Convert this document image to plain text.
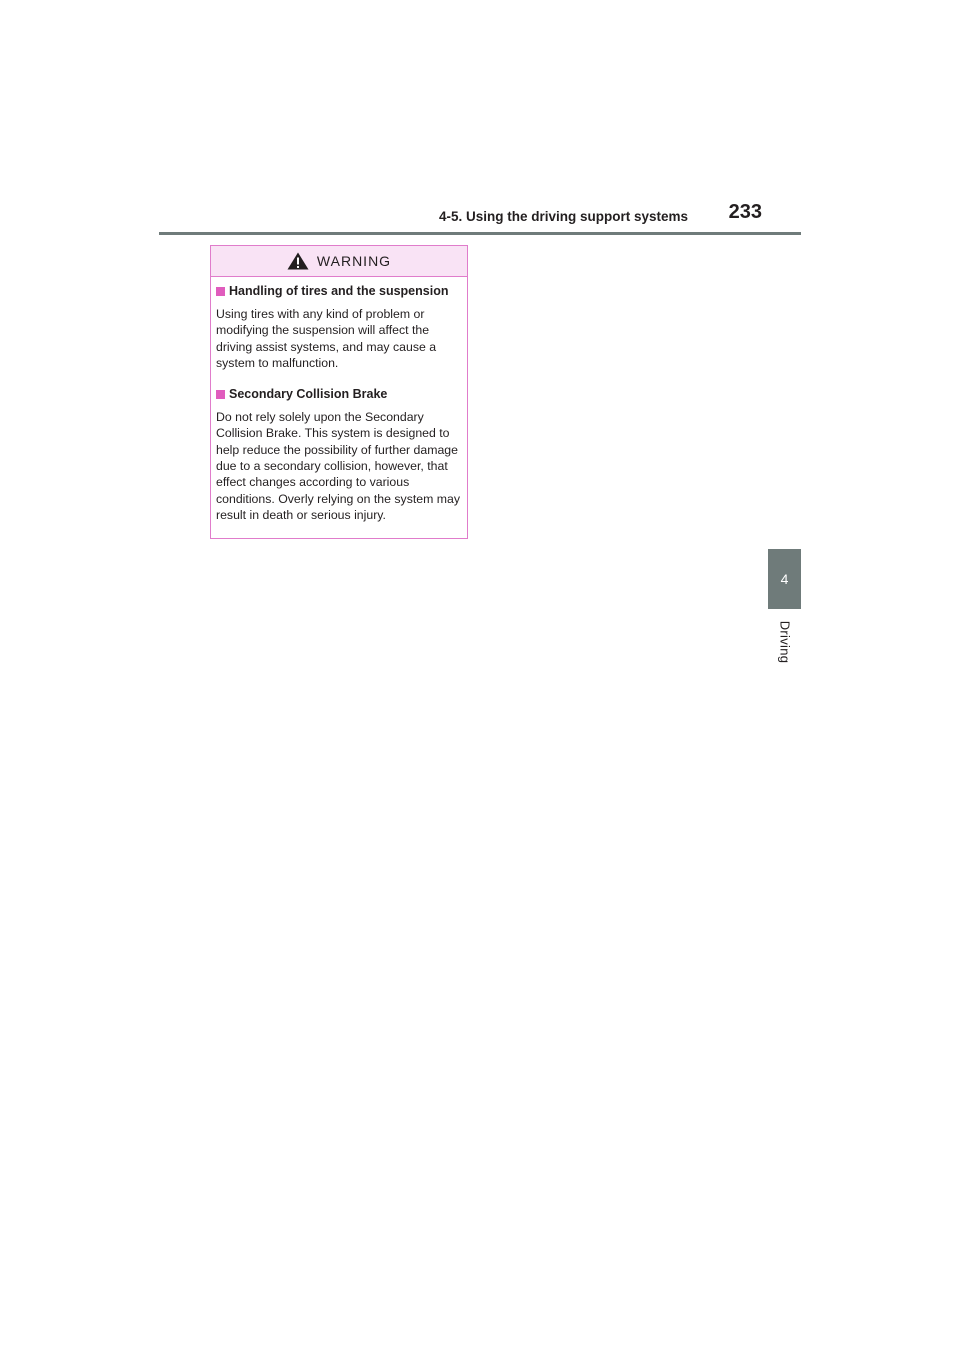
4-5. Using the driving support systems 233
4
Driving
WARNING
Handling of tires and the suspension

Using tires with any kind of problem or modifying the suspension will affect the driving assist systems, and may cause a system to malfunction.

Secondary Collision Brake

Do not rely solely upon the Secondary Collision Brake. This system is designed to help reduce the possibility of further damage due to a secondary collision, however, that effect changes according to various conditions. Overly relying on the system may result in death or serious injury.
